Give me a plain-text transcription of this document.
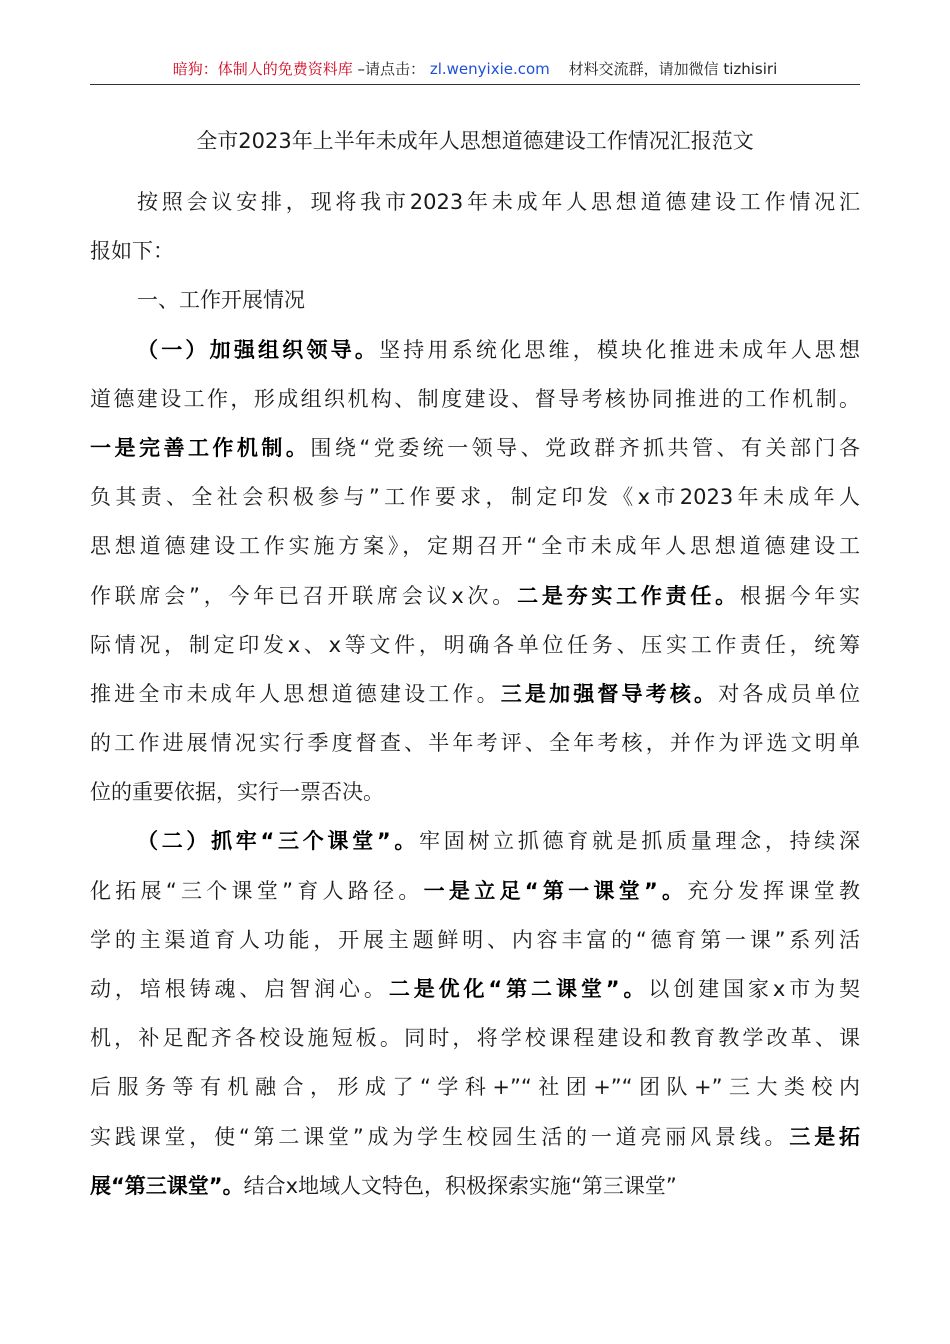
暗狗：体制人的免费资料库 –请点击： zl.wenyixie.com 材料交流群，请加微信 tizhisiri
全市2023年上半年未成年人思想道德建设工作情况汇报范文
按照会议安排，现将我市2023年未成年人思想道德建设工作情况汇
报如下：
一、工作开展情况
（一）加强组织领导。坚持用系统化思维，模块化推进未成年人思想
道德建设工作，形成组织机构、制度建设、督导考核协同推进的工作机制。
一是完善工作机制。围绕“党委统一领导、党政群齐抓共管、有关部门各
负其责、全社会积极参与”工作要求，制定印发《x市2023年未成年人
思想道德建设工作实施方案》，定期召开“全市未成年人思想道德建设工
作联席会”，今年已召开联席会议x次。二是夯实工作责任。根据今年实
际情况，制定印发x、x等文件，明确各单位任务、压实工作责任，统筹
推进全市未成年人思想道德建设工作。三是加强督导考核。对各成员单位
的工作进展情况实行季度督查、半年考评、全年考核，并作为评选文明单
位的重要依据，实行一票否决。
（二）抓牢“三个课堂”。牢固树立抓德育就是抓质量理念，持续深
化拓展“三个课堂”育人路径。一是立足“第一课堂”。充分发挥课堂教
学的主渠道育人功能，开展主题鲜明、内容丰富的“德育第一课”系列活
动，培根铸魂、启智润心。二是优化“第二课堂”。以创建国家x市为契
机，补足配齐各校设施短板。同时，将学校课程建设和教育教学改革、课
后服务等有机融合，形成了“学科+”“社团+”“团队+”三大类校内
实践课堂，使“第二课堂”成为学生校园生活的一道亮丽风景线。三是拓
展“第三课堂”。结合x地域人文特色，积极探索实施“第三课堂”
